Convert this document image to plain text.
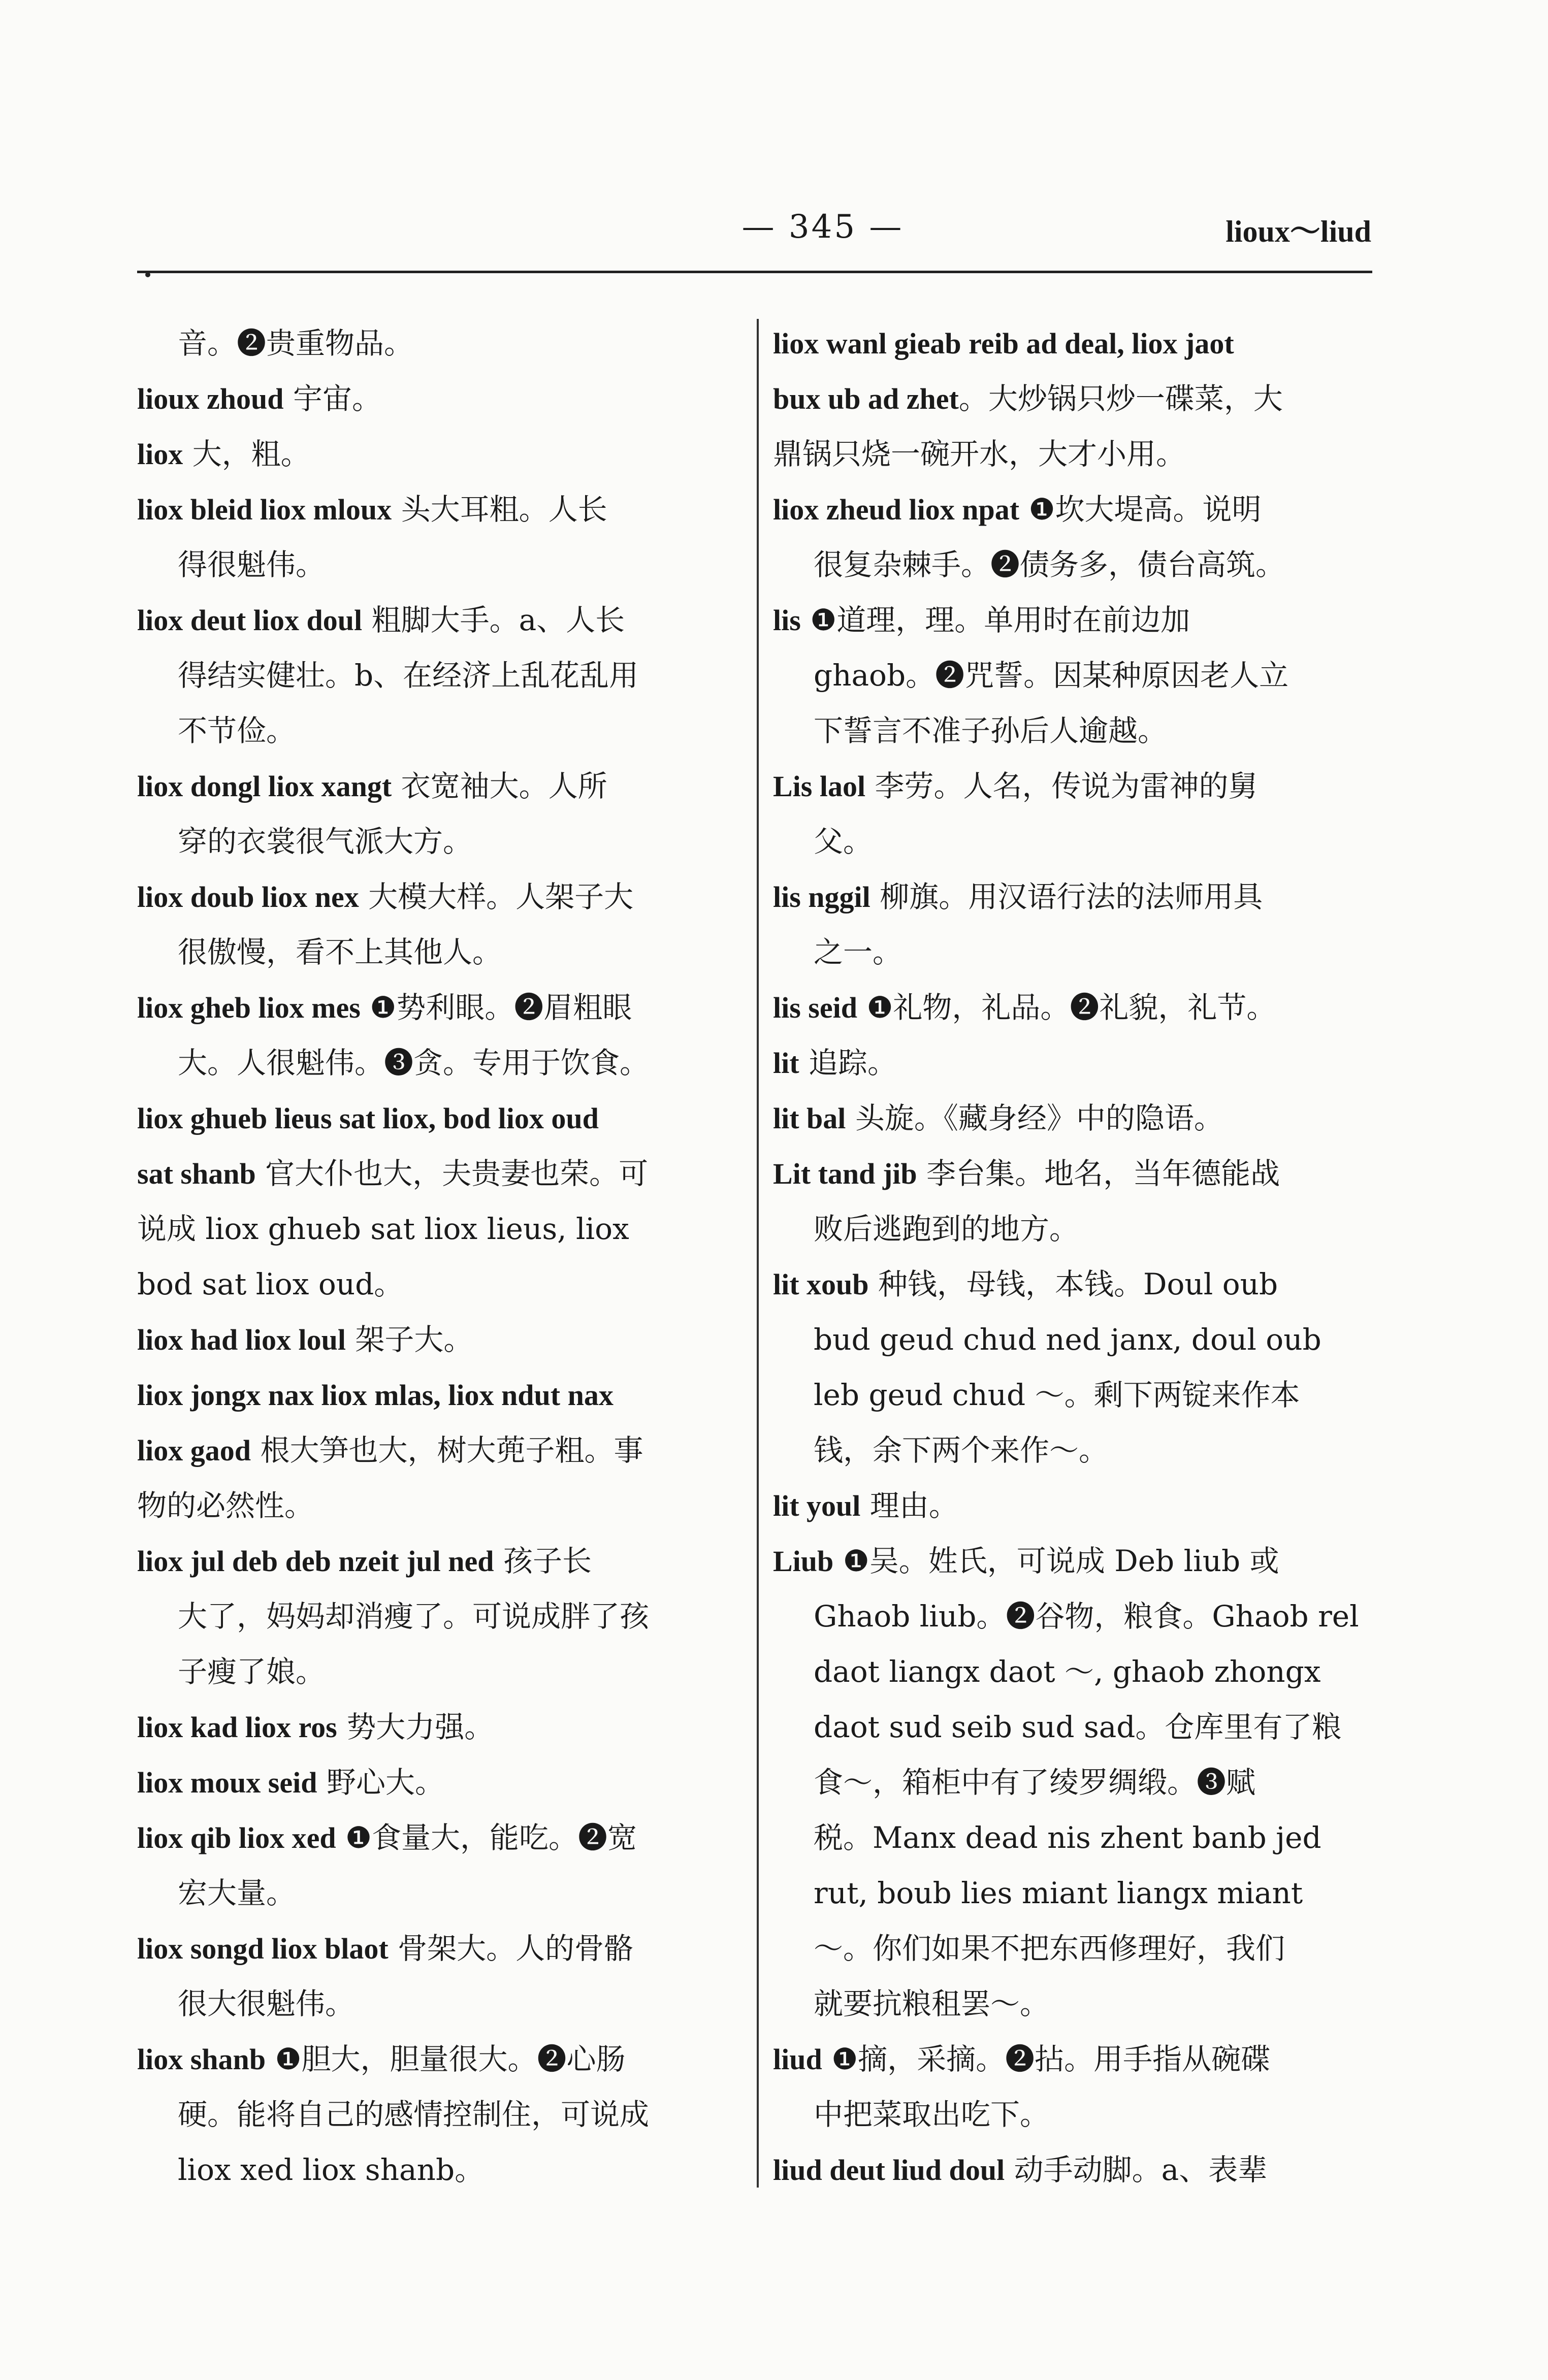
— 345 —	lioux～liud

音。❷贵重物品。

lioux zhoud 宇宙。

liox 大，粗。

liox bleid liox mloux 头大耳粗。人长
得很魁伟。

liox deut liox doul 粗脚大手。a、人长
得结实健壮。b、在经济上乱花乱用
不节俭。

liox dongl liox xangt 衣宽袖大。人所
穿的衣裳很气派大方。

liox doub liox nex 大模大样。人架子大
很傲慢，看不上其他人。

liox gheb liox mes ❶势利眼。❷眉粗眼
大。人很魁伟。❸贪。专用于饮食。

liox ghueb lieus sat liox, bod liox oud

sat shanb 官大仆也大，夫贵妻也荣。可
说成 liox ghueb sat liox lieus, liox
bod sat liox oud。

liox had liox loul 架子大。

liox jongx nax liox mlas, liox ndut nax

liox gaod 根大笋也大，树大蔸子粗。事
物的必然性。

liox jul deb deb nzeit jul ned 孩子长
大了，妈妈却消瘦了。可说成胖了孩
子瘦了娘。

liox kad liox ros 势大力强。

liox moux seid 野心大。

liox qib liox xed ❶食量大，能吃。❷宽
宏大量。

liox songd liox blaot 骨架大。人的骨骼
很大很魁伟。

liox shanb ❶胆大，胆量很大。❷心肠
硬。能将自己的感情控制住，可说成
liox xed liox shanb。

liox wanl gieab reib ad deal, liox jaot

bux ub ad zhet。大炒锅只炒一碟菜，大
鼎锅只烧一碗开水，大才小用。

liox zheud liox npat ❶坎大堤高。说明
很复杂棘手。❷债务多，债台高筑。

lis ❶道理，理。单用时在前边加
ghaob。❷咒誓。因某种原因老人立
下誓言不准子孙后人逾越。

Lis laol 李劳。人名，传说为雷神的舅
父。

lis nggil 柳旗。用汉语行法的法师用具
之一。

lis seid ❶礼物，礼品。❷礼貌，礼节。

lit 追踪。

lit bal 头旋。《藏身经》中的隐语。

Lit tand jib 李台集。地名，当年德能战
败后逃跑到的地方。

lit xoub 种钱，母钱，本钱。Doul oub
bud geud chud ned janx, doul oub
leb geud chud ～。剩下两锭来作本
钱，余下两个来作～。

lit youl 理由。

Liub ❶吴。姓氏，可说成 Deb liub 或
Ghaob liub。❷谷物，粮食。Ghaob rel
daot liangx daot ～, ghaob zhongx
daot sud seib sud sad。仓库里有了粮
食～，箱柜中有了绫罗绸缎。❸赋
税。Manx dead nis zhent banb jed
rut, boub lies miant liangx miant
～。你们如果不把东西修理好，我们
就要抗粮租罢～。

liud ❶摘，采摘。❷拈。用手指从碗碟
中把菜取出吃下。

liud deut liud doul 动手动脚。a、表辈
